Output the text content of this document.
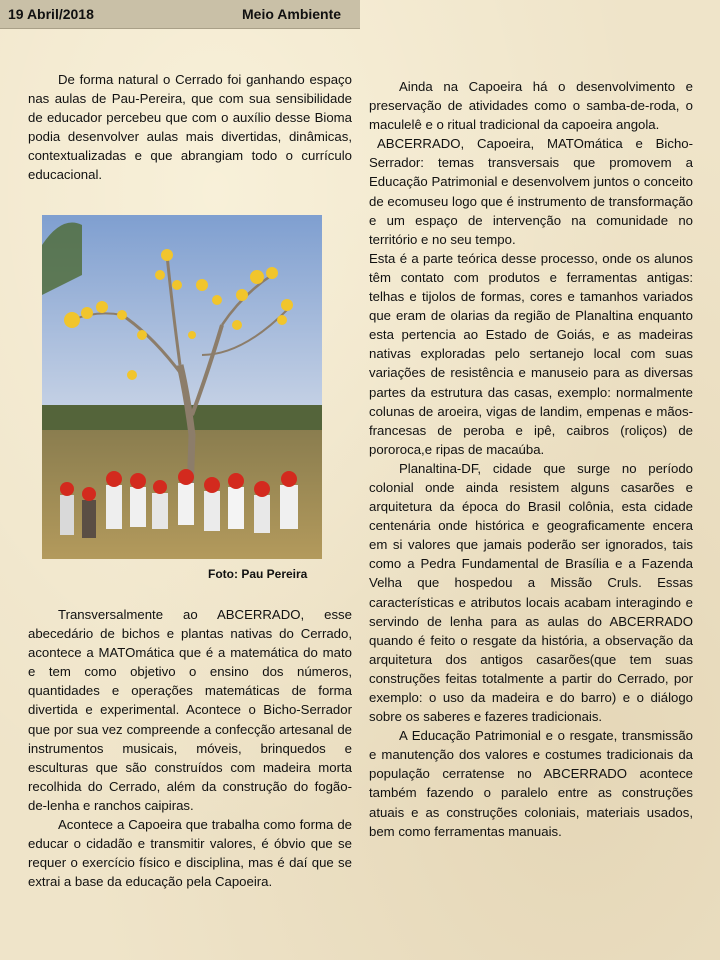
19 Abril/2018	Meio Ambiente

De forma natural o Cerrado foi ganhando espaço nas aulas de Pau-Pereira, que com sua sensibilidade de educador percebeu que com o auxílio desse Bioma podia desenvolver aulas mais divertidas, dinâmicas, contextualizadas e que abrangiam todo o currículo educacional.

Foto: Pau Pereira

Transversalmente ao ABCERRADO, esse abecedário de bichos e plantas nativas do Cerrado, acontece a MATOmática que é a matemática do mato e tem como objetivo o ensino dos números, quantidades e operações matemáticas de forma divertida e experimental. Acontece o Bicho-Serrador que por sua vez compreende a confecção artesanal de instrumentos musicais, móveis, brinquedos e esculturas que são construídos com madeira morta recolhida do Cerrado, além da construção do fogão-de-lenha e ranchos caipiras.

Acontece a Capoeira que trabalha como forma de educar o cidadão e transmitir valores, é óbvio que se requer o exercício físico e disciplina, mas é daí que se extrai a base da educação pela Capoeira.

Ainda na Capoeira há o desenvolvimento e preservação de atividades como o samba-de-roda, o maculelê e o ritual tradicional da capoeira angola.

ABCERRADO, Capoeira, MATOmática e Bicho-Serrador: temas transversais que promovem a Educação Patrimonial e desenvolvem juntos o conceito de ecomuseu logo que é instrumento de transformação e um espaço de intervenção na comunidade no território e no seu tempo.

Esta é a parte teórica desse processo, onde os alunos têm contato com produtos e ferramentas antigas: telhas e tijolos de formas, cores e tamanhos variados que eram de olarias da região de Planaltina enquanto esta pertencia ao Estado de Goiás, e as madeiras nativas exploradas pelo sertanejo local com suas variações de resistência e manuseio para as diversas partes da estrutura das casas, exemplo: normalmente colunas de aroeira, vigas de landim, empenas e mãos-francesas de peroba e ipê, caibros (roliços) de pororoca,e ripas de macaúba.

Planaltina-DF, cidade que surge no período colonial onde ainda resistem alguns casarões e arquitetura da época do Brasil colônia, esta cidade centenária onde histórica e geograficamente encera em si valores que jamais poderão ser ignorados, tais como a Pedra Fundamental de Brasília e a Fazenda Velha que hospedou a Missão Cruls. Essas características e atributos locais acabam interagindo e servindo de lenha para as aulas do ABCERRADO quando é feito o resgate da história, a observação da arquitetura dos antigos casarões(que tem suas construções feitas totalmente a partir do Cerrado, por exemplo: o uso da madeira e do barro) e o diálogo sobre os saberes e fazeres tradicionais.

A Educação Patrimonial e o resgate, transmissão e manutenção dos valores e costumes tradicionais da população cerratense no ABCERRADO acontece também fazendo o paralelo entre as construções atuais e as construções coloniais, materiais usados, bem como ferramentas manuais.
